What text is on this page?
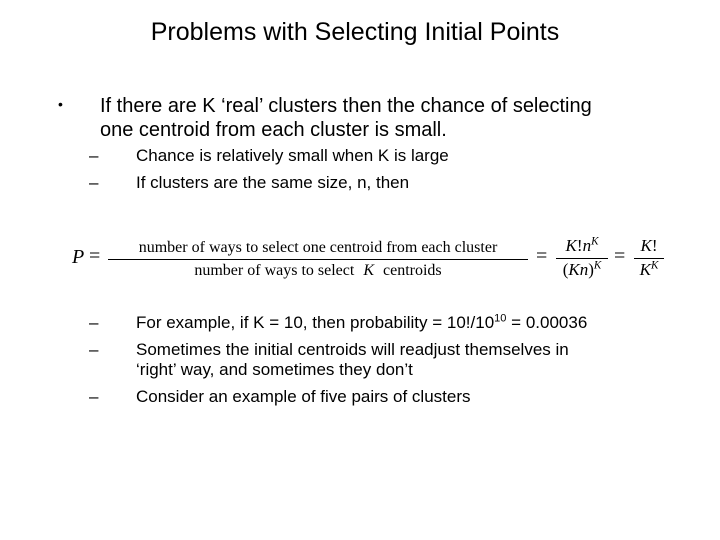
Problems with Selecting Initial Points
• If there are K ‘real’ clusters then the chance of selecting
one centroid from each cluster is small.
– Chance is relatively small when K is large
– If clusters are the same size, n, then
P = number of ways to select one centroid from each cluster
number of ways to select K centroids
= $K!n^K$
$(Kn)^K = K$!
$K^K$
– For example, if K = 10, then probability = $10!/10^{10} = 0.00036$
– Sometimes the initial centroids will readjust themselves in
‘right’ way, and sometimes they don’t
– Consider an example of five pairs of clusters
